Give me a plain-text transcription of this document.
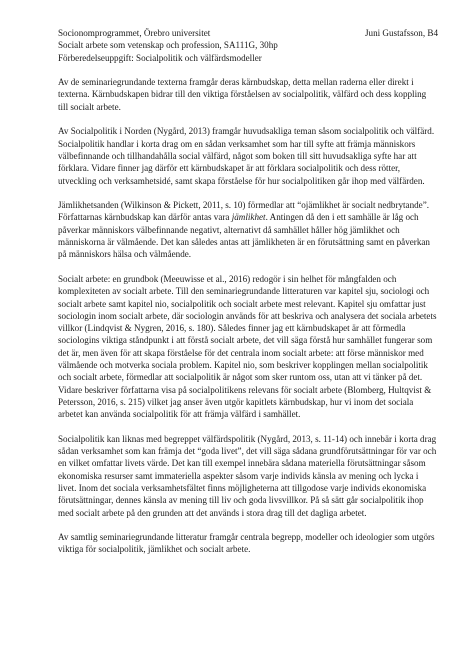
Socionomprogrammet, Örebro universitet	Juni Gustafsson, B4
Socialt arbete som vetenskap och profession, SA111G, 30hp
Förberedelseuppgift: Socialpolitik och välfärdsmodeller

Av de seminariegrundande texterna framgår deras kärnbudskap, detta mellan raderna eller direkt i texterna. Kärnbudskapen bidrar till den viktiga förståelsen av socialpolitik, välfärd och dess koppling till socialt arbete.

Av Socialpolitik i Norden (Nygård, 2013) framgår huvudsakliga teman såsom socialpolitik och välfärd. Socialpolitik handlar i korta drag om en sådan verksamhet som har till syfte att främja människors välbefinnande och tillhandahålla social välfärd, något som boken till sitt huvudsakliga syfte har att förklara. Vidare finner jag därför ett kärnbudskapet är att förklara socialpolitik och dess rötter, utveckling och verksamhetsidé, samt skapa förståelse för hur socialpolitiken går ihop med välfärden.

Jämlikhetsanden (Wilkinson & Pickett, 2011, s. 10) förmedlar att “ojämlikhet är socialt nedbrytande”. Författarnas kärnbudskap kan därför antas vara jämlikhet. Antingen då den i ett samhälle är låg och påverkar människors välbefinnande negativt, alternativt då samhället håller hög jämlikhet och människorna är välmående. Det kan således antas att jämlikheten är en förutsättning samt en påverkan på människors hälsa och välmående.

Socialt arbete: en grundbok (Meeuwisse et al., 2016) redogör i sin helhet för mångfalden och komplexiteten av socialt arbete. Till den seminariegrundande litteraturen var kapitel sju, sociologi och socialt arbete samt kapitel nio, socialpolitik och socialt arbete mest relevant. Kapitel sju omfattar just sociologin inom socialt arbete, där sociologin används för att beskriva och analysera det sociala arbetets villkor (Lindqvist & Nygren, 2016, s. 180). Således finner jag ett kärnbudskapet är att förmedla sociologins viktiga ståndpunkt i att förstå socialt arbete, det vill säga förstå hur samhället fungerar som det är, men även för att skapa förståelse för det centrala inom socialt arbete: att förse människor med välmående och motverka sociala problem. Kapitel nio, som beskriver kopplingen mellan socialpolitik och socialt arbete, förmedlar att socialpolitik är något som sker runtom oss, utan att vi tänker på det. Vidare beskriver författarna visa på socialpolitikens relevans för socialt arbete (Blomberg, Hultqvist & Petersson, 2016, s. 215) vilket jag anser även utgör kapitlets kärnbudskap, hur vi inom det sociala arbetet kan använda socialpolitik för att främja välfärd i samhället.

Socialpolitik kan liknas med begreppet välfärdspolitik (Nygård, 2013, s. 11-14) och innebär i korta drag sådan verksamhet som kan främja det “goda livet”, det vill säga sådana grundförutsättningar för var och en vilket omfattar livets värde. Det kan till exempel innebära sådana materiella förutsättningar såsom ekonomiska resurser samt immateriella aspekter såsom varje individs känsla av mening och lycka i livet. Inom det sociala verksamhetsfältet finns möjligheterna att tillgodose varje individs ekonomiska förutsättningar, dennes känsla av mening till liv och goda livsvillkor. På så sätt går socialpolitik ihop med socialt arbete på den grunden att det används i stora drag till det dagliga arbetet.

Av samtlig seminariegrundande litteratur framgår centrala begrepp, modeller och ideologier som utgörs viktiga för socialpolitik, jämlikhet och socialt arbete.
